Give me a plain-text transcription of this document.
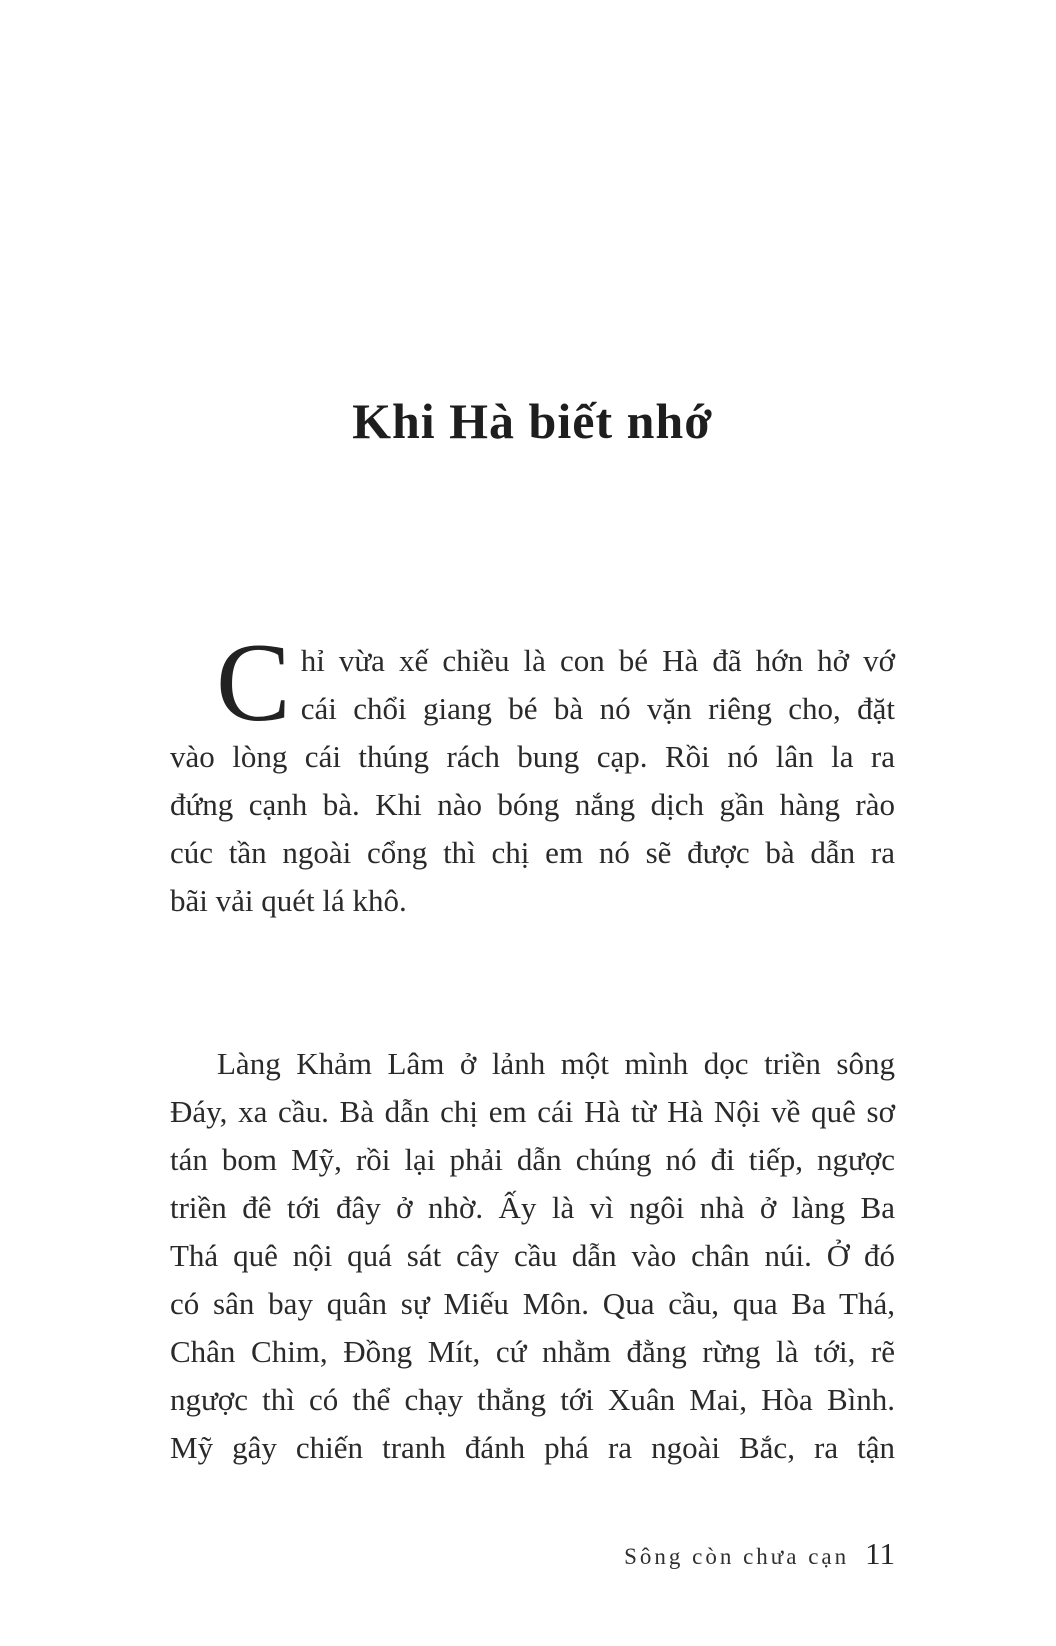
Khi Hà biết nhớ
C hỉ vừa xế chiều là con bé Hà đã hớn hở vớ
cái chổi giang bé bà nó vặn riêng cho, đặt
vào lòng cái thúng rách bung cạp. Rồi nó lân la ra
đứng cạnh bà. Khi nào bóng nắng dịch gần hàng rào
cúc tần ngoài cổng thì chị em nó sẽ được bà dẫn ra
bãi vải quét lá khô.
Làng Khảm Lâm ở lảnh một mình dọc triền sông
Đáy, xa cầu. Bà dẫn chị em cái Hà từ Hà Nội về quê sơ
tán bom Mỹ, rồi lại phải dẫn chúng nó đi tiếp, ngược
triền đê tới đây ở nhờ. Ấy là vì ngôi nhà ở làng Ba
Thá quê nội quá sát cây cầu dẫn vào chân núi. Ở đó
có sân bay quân sự Miếu Môn. Qua cầu, qua Ba Thá,
Chân Chim, Đồng Mít, cứ nhằm đằng rừng là tới, rẽ
ngược thì có thể chạy thẳng tới Xuân Mai, Hòa Bình.
Mỹ gây chiến tranh đánh phá ra ngoài Bắc, ra tận
Sông còn chưa cạn 11
